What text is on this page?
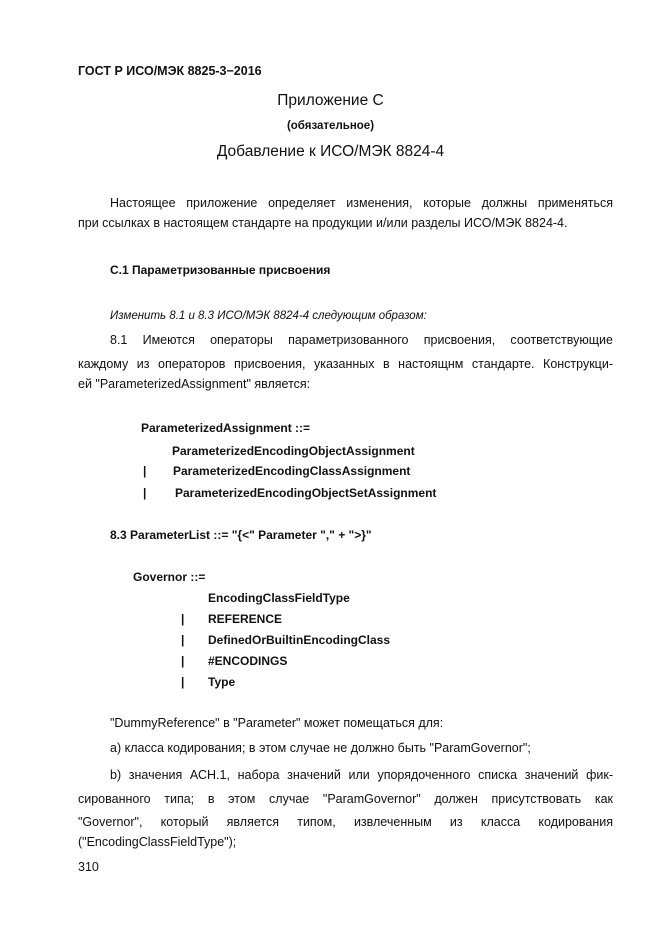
ГОСТ Р ИСО/МЭК 8825-3−2016
Приложение С
(обязательное)
Добавление к ИСО/МЭК 8824-4
Настоящее приложение определяет изменения, которые должны применяться
при ссылках в настоящем стандарте на продукции и/или разделы ИСО/МЭК 8824-4.
С.1 Параметризованные присвоения
Изменить 8.1 и 8.3 ИСО/МЭК 8824-4 следующим образом:
8.1 Имеются операторы параметризованного присвоения, соответствующие
каждому из операторов присвоения, указанных в настоящнм стандарте. Конструкци-
ей "ParameterizedAssignment" является:
ParameterizedAssignment ::=
ParameterizedEncodingObjectAssignment
| ParameterizedEncodingClassAssignment
| ParameterizedEncodingObjectSetAssignment
8.3 ParameterList ::= "{<" Parameter "," + ">}"
Governor ::=
EncodingClassFieldType
| REFERENCE
| DefinedOrBuiltinEncodingClass
| #ENCODINGS
| Type
"DummyReference" в "Parameter" может помещаться для:
a) класса кодирования; в этом случае не должно быть "ParamGovernor";
b) значения АСН.1, набора значений или упорядоченного списка значений фик-
сированного типа; в этом случае "ParamGovernor" должен присутствовать как
"Governor", который является типом, извлеченным из класса кодирования
("EncodingClassFieldType");
310
